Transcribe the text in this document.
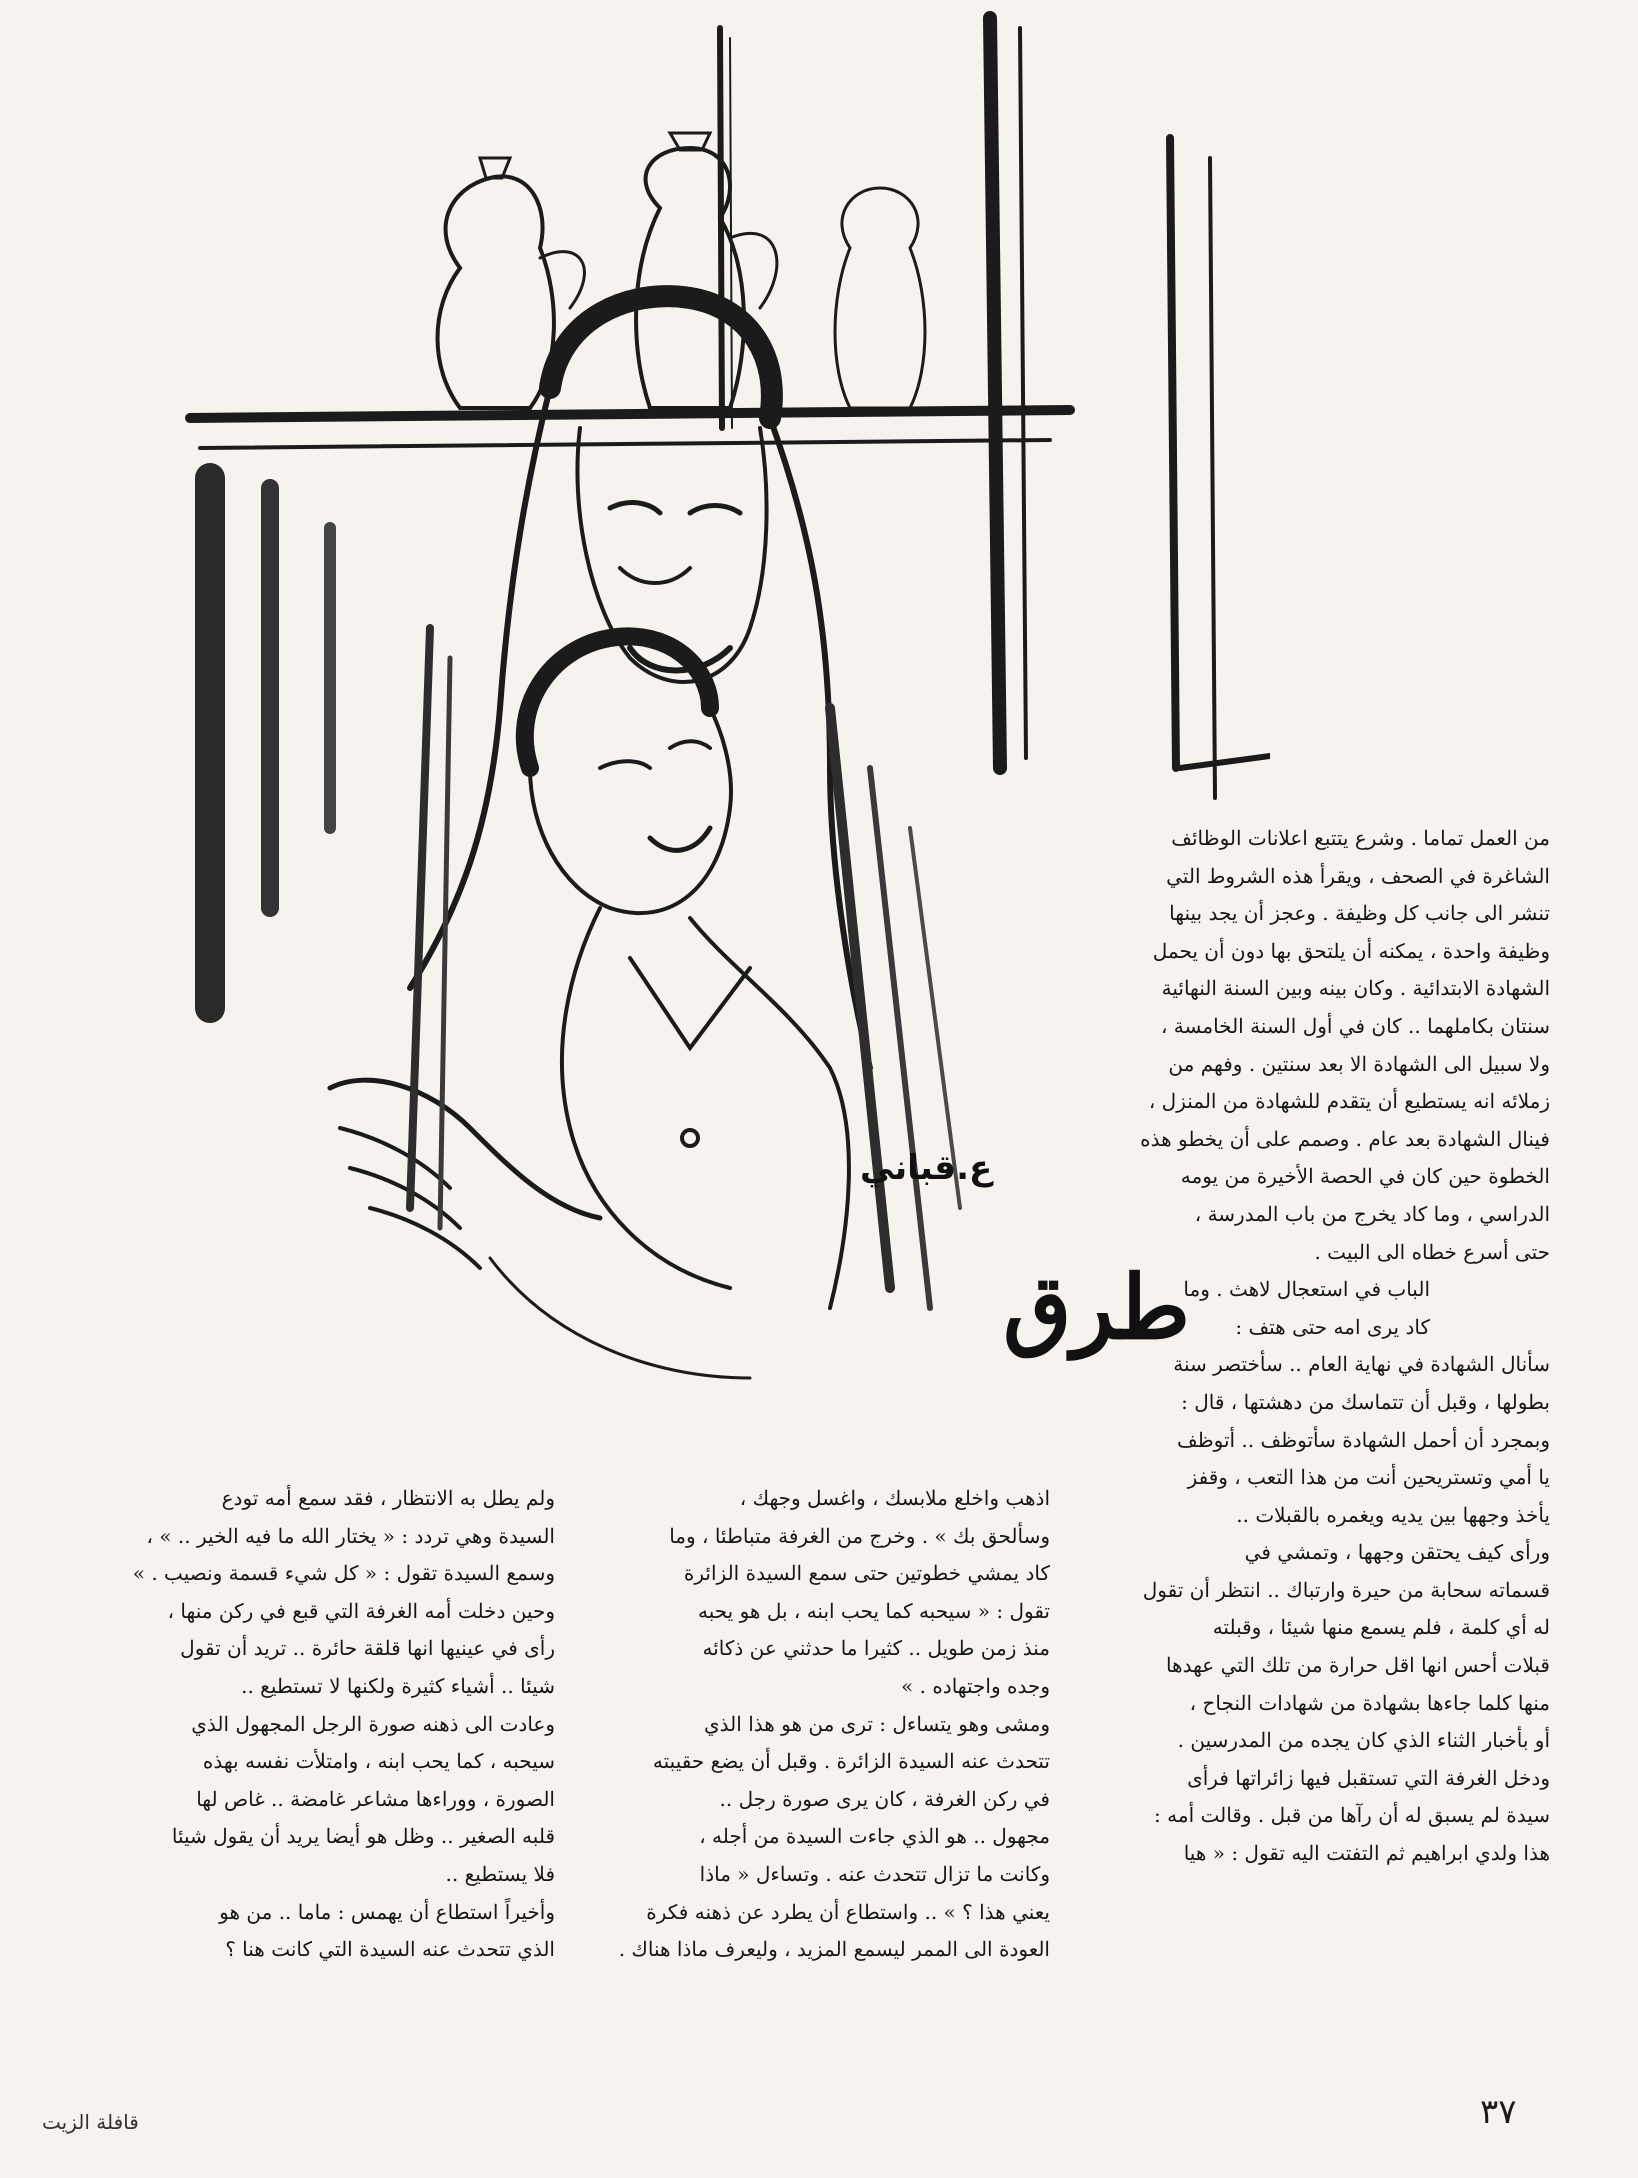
ع.قباني

من العمل تماما . وشرع يتتبع اعلانات الوظائف
الشاغرة في الصحف ، ويقرأ هذه الشروط التي
تنشر الى جانب كل وظيفة . وعجز أن يجد بينها
وظيفة واحدة ، يمكنه أن يلتحق بها دون أن يحمل
الشهادة الابتدائية . وكان بينه وبين السنة النهائية
سنتان بكاملهما .. كان في أول السنة الخامسة ،
ولا سبيل الى الشهادة الا بعد سنتين . وفهم من
زملائه انه يستطيع أن يتقدم للشهادة من المنزل ،
فينال الشهادة بعد عام . وصمم على أن يخطو هذه
الخطوة حين كان في الحصة الأخيرة من يومه
الدراسي ، وما كاد يخرج من باب المدرسة ،
حتى أسرع خطاه الى البيت .

طرق
الباب في استعجال لاهث . وما
كاد يرى امه حتى هتف :

سأنال الشهادة في نهاية العام .. سأختصر سنة
بطولها ، وقبل أن تتماسك من دهشتها ، قال :
وبمجرد أن أحمل الشهادة سأتوظف .. أتوظف
يا أمي وتستريحين أنت من هذا التعب ، وقفز
يأخذ وجهها بين يديه ويغمره بالقبلات ..
ورأى كيف يحتقن وجهها ، وتمشي في
قسماته سحابة من حيرة وارتباك .. انتظر أن تقول
له أي كلمة ، فلم يسمع منها شيئا ، وقبلته
قبلات أحس انها اقل حرارة من تلك التي عهدها
منها كلما جاءها بشهادة من شهادات النجاح ،
أو بأخبار الثناء الذي كان يجده من المدرسين .
ودخل الغرفة التي تستقبل فيها زائراتها فرأى
سيدة لم يسبق له أن رآها من قبل . وقالت أمه :
هذا ولدي ابراهيم ثم التفتت اليه تقول : « هيا

اذهب واخلع ملابسك ، واغسل وجهك ،
وسألحق بك » . وخرج من الغرفة متباطئا ، وما
كاد يمشي خطوتين حتى سمع السيدة الزائرة
تقول : « سيحبه كما يحب ابنه ، بل هو يحبه
منذ زمن طويل .. كثيرا ما حدثني عن ذكائه
وجده واجتهاده . »
ومشى وهو يتساءل : ترى من هو هذا الذي
تتحدث عنه السيدة الزائرة . وقبل أن يضع حقيبته
في ركن الغرفة ، كان يرى صورة رجل ..
مجهول .. هو الذي جاءت السيدة من أجله ،
وكانت ما تزال تتحدث عنه . وتساءل « ماذا
يعني هذا ؟ » .. واستطاع أن يطرد عن ذهنه فكرة
العودة الى الممر ليسمع المزيد ، وليعرف ماذا هناك .

ولم يطل به الانتظار ، فقد سمع أمه تودع
السيدة وهي تردد : « يختار الله ما فيه الخير .. » ،
وسمع السيدة تقول : « كل شيء قسمة ونصيب . »
وحين دخلت أمه الغرفة التي قبع في ركن منها ،
رأى في عينيها انها قلقة حائرة .. تريد أن تقول
شيئا .. أشياء كثيرة ولكنها لا تستطيع ..
وعادت الى ذهنه صورة الرجل المجهول الذي
سيحبه ، كما يحب ابنه ، وامتلأت نفسه بهذه
الصورة ، ووراءها مشاعر غامضة .. غاص لها
قلبه الصغير .. وظل هو أيضا يريد أن يقول شيئا
فلا يستطيع ..
وأخيراً استطاع أن يهمس : ماما .. من هو
الذي تتحدث عنه السيدة التي كانت هنا ؟

٣٧
قافلة الزيت
